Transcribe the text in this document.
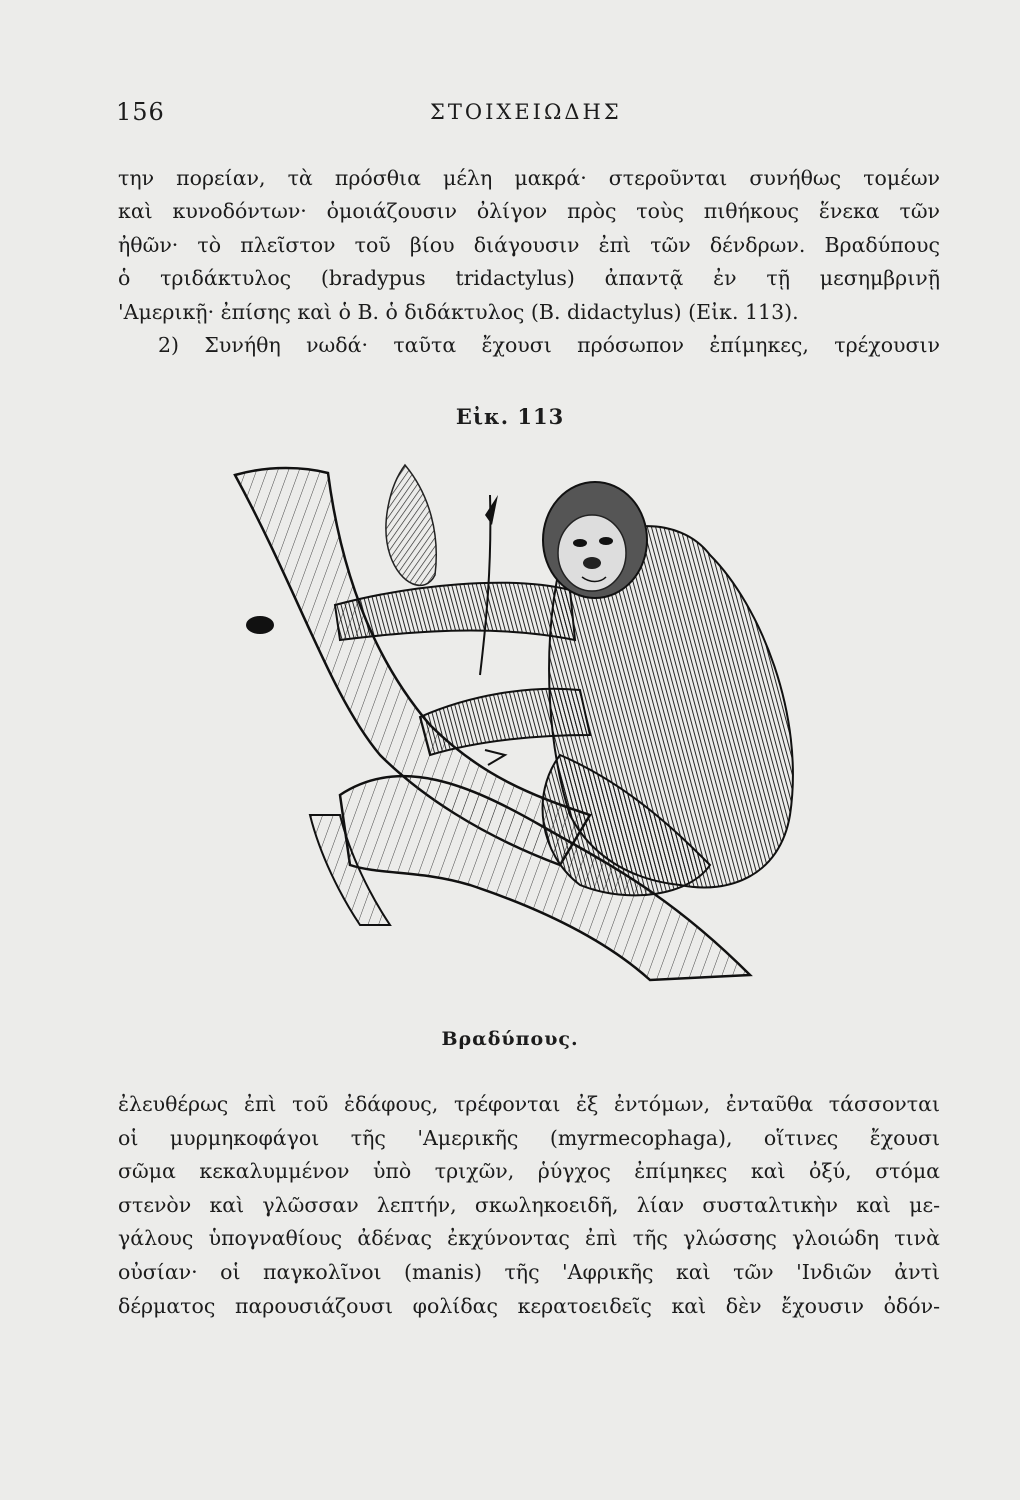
156	ΣΤΟΙΧΕΙΩΔΗΣ
την πορείαν, τὰ πρόσθια μέλη μακρά· στεροῦνται συνήθως τομέων
καὶ κυνοδόντων· ὁμοιάζουσιν ὀλίγον πρὸς τοὺς πιθήκους ἕνεκα τῶν
ἠθῶν· τὸ πλεῖστον τοῦ βίου διάγουσιν ἐπὶ τῶν δένδρων. Βραδύπους
ὁ τριδάκτυλος (bradypus tridactylus) ἀπαντᾷ ἐν τῇ μεσημβρινῇ
'Αμερικῇ· ἐπίσης καὶ ὁ Β. ὁ διδάκτυλος (B. didactylus) (Εἰκ. 113).
2) Συνήθη νωδά· ταῦτα ἔχουσι πρόσωπον ἐπίμηκες, τρέχουσιν
Εἰκ. 113
Βραδύπους.
ἐλευθέρως ἐπὶ τοῦ ἐδάφους, τρέφονται ἐξ ἐντόμων, ἐνταῦθα τάσσονται
οἱ μυρμηκοφάγοι τῆς 'Αμερικῆς (myrmecophaga), οἵτινες ἔχουσι
σῶμα κεκαλυμμένον ὑπὸ τριχῶν, ῥύγχος ἐπίμηκες καὶ ὀξύ, στόμα
στενὸν καὶ γλῶσσαν λεπτήν, σκωληκοειδῆ, λίαν συσταλτικὴν καὶ με-
γάλους ὑπογναθίους ἀδένας ἐκχύνοντας ἐπὶ τῆς γλώσσης γλοιώδη τινὰ
οὐσίαν· οἱ παγκολῖνοι (manis) τῆς 'Αφρικῆς καὶ τῶν 'Ινδιῶν ἀντὶ
δέρματος παρουσιάζουσι φολίδας κερατοειδεῖς καὶ δὲν ἔχουσιν ὀδόν-
